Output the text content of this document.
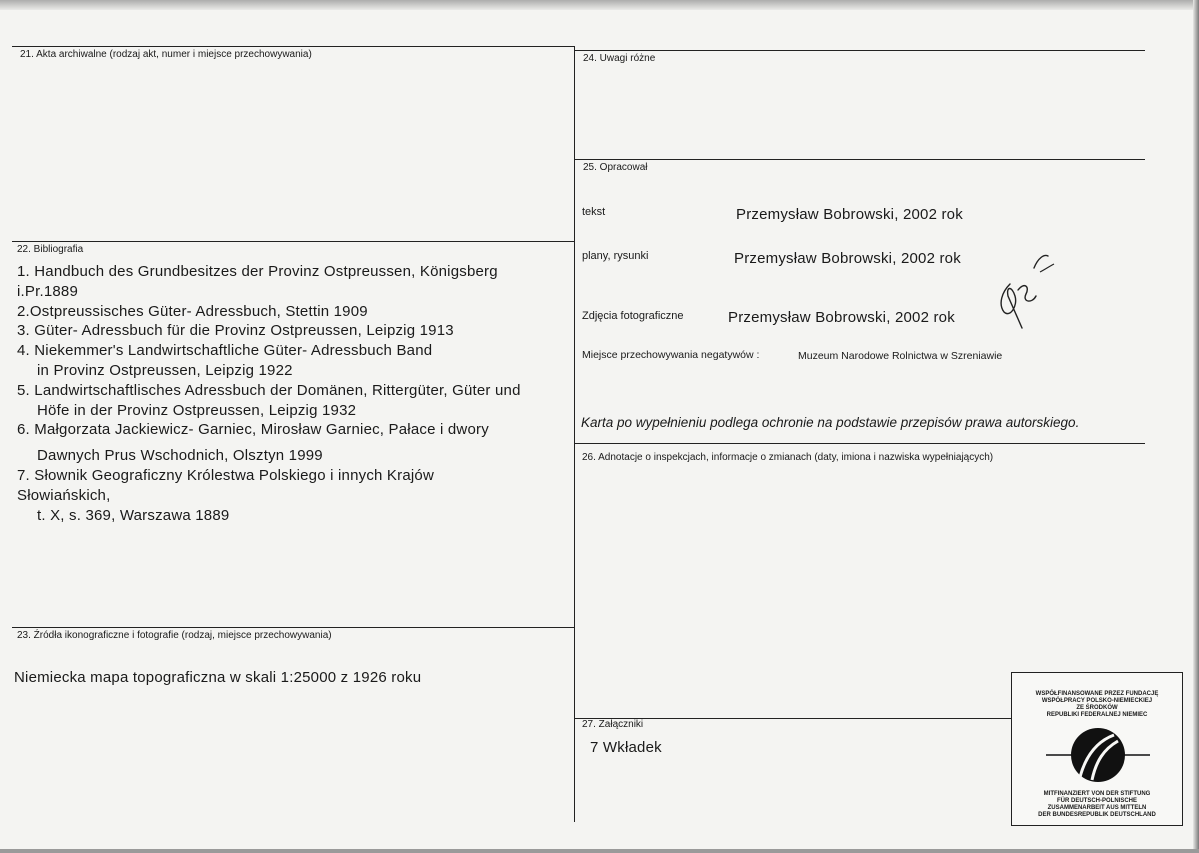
21. Akta archiwalne (rodzaj akt, numer i miejsce przechowywania)
22. Bibliografia
1. Handbuch des Grundbesitzes der Provinz Ostpreussen, Königsberg
i.Pr.1889
2.Ostpreussisches Güter- Adressbuch, Stettin 1909
3. Güter- Adressbuch für die Provinz Ostpreussen, Leipzig 1913
4. Niekemmer's Landwirtschaftliche Güter- Adressbuch Band
in Provinz Ostpreussen, Leipzig 1922
5. Landwirtschaftlisches Adressbuch der Domänen, Rittergüter, Güter und
Höfe in der Provinz Ostpreussen, Leipzig 1932
6. Małgorzata Jackiewicz- Garniec, Mirosław Garniec, Pałace i dwory
Dawnych Prus Wschodnich, Olsztyn 1999
7. Słownik Geograficzny Królestwa Polskiego i innych Krajów
Słowiańskich,
t. X, s. 369, Warszawa 1889
23. Źródła ikonograficzne i fotografie (rodzaj, miejsce przechowywania)
Niemiecka mapa topograficzna w skali 1:25000 z 1926 roku
24. Uwagi różne
25. Opracował
tekst	Przemysław Bobrowski, 2002 rok
plany, rysunki	Przemysław Bobrowski, 2002 rok
Zdjęcia fotograficzne	Przemysław Bobrowski, 2002 rok
Miejsce przechowywania negatywów :	Muzeum Narodowe Rolnictwa w Szreniawie
Karta po wypełnieniu podlega ochronie na podstawie przepisów prawa autorskiego.
26. Adnotacje o inspekcjach, informacje o zmianach (daty, imiona i nazwiska wypełniających)
27. Załączniki
7 Wkładek
WSPÓŁFINANSOWANE PRZEZ FUNDACJĘ
WSPÓŁPRACY POLSKO-NIEMIECKIEJ
ZE ŚRODKÓW
REPUBLIKI FEDERALNEJ NIEMIEC
MITFINANZIERT VON DER STIFTUNG
FÜR DEUTSCH-POLNISCHE
ZUSAMMENARBEIT AUS MITTELN
DER BUNDESREPUBLIK DEUTSCHLAND
